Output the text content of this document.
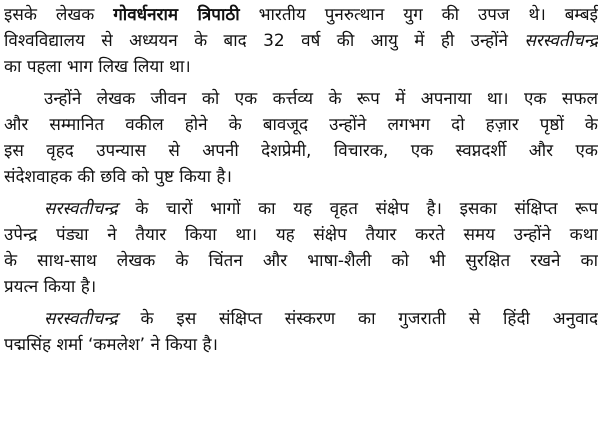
इसके लेखक गोवर्धनराम त्रिपाठी भारतीय पुनरुत्थान युग की उपज थे। बम्बई
विश्वविद्यालय से अध्ययन के बाद 32 वर्ष की आयु में ही उन्होंने सरस्वतीचन्द्र
का पहला भाग लिख लिया था।
उन्होंने लेखक जीवन को एक कर्त्तव्य के रूप में अपनाया था। एक सफल
और सम्मानित वकील होने के बावजूद उन्होंने लगभग दो हज़ार पृष्ठों के
इस वृहद उपन्यास से अपनी देशप्रेमी, विचारक, एक स्वप्नदर्शी और एक
संदेशवाहक की छवि को पुष्ट किया है।
सरस्वतीचन्द्र के चारों भागों का यह वृहत संक्षेप है। इसका संक्षिप्त रूप
उपेन्द्र पंड्या ने तैयार किया था। यह संक्षेप तैयार करते समय उन्होंने कथा
के साथ-साथ लेखक के चिंतन और भाषा-शैली को भी सुरक्षित रखने का
प्रयत्न किया है।
सरस्वतीचन्द्र के इस संक्षिप्त संस्करण का गुजराती से हिंदी अनुवाद
पद्मसिंह शर्मा ‘कमलेश’ ने किया है।
